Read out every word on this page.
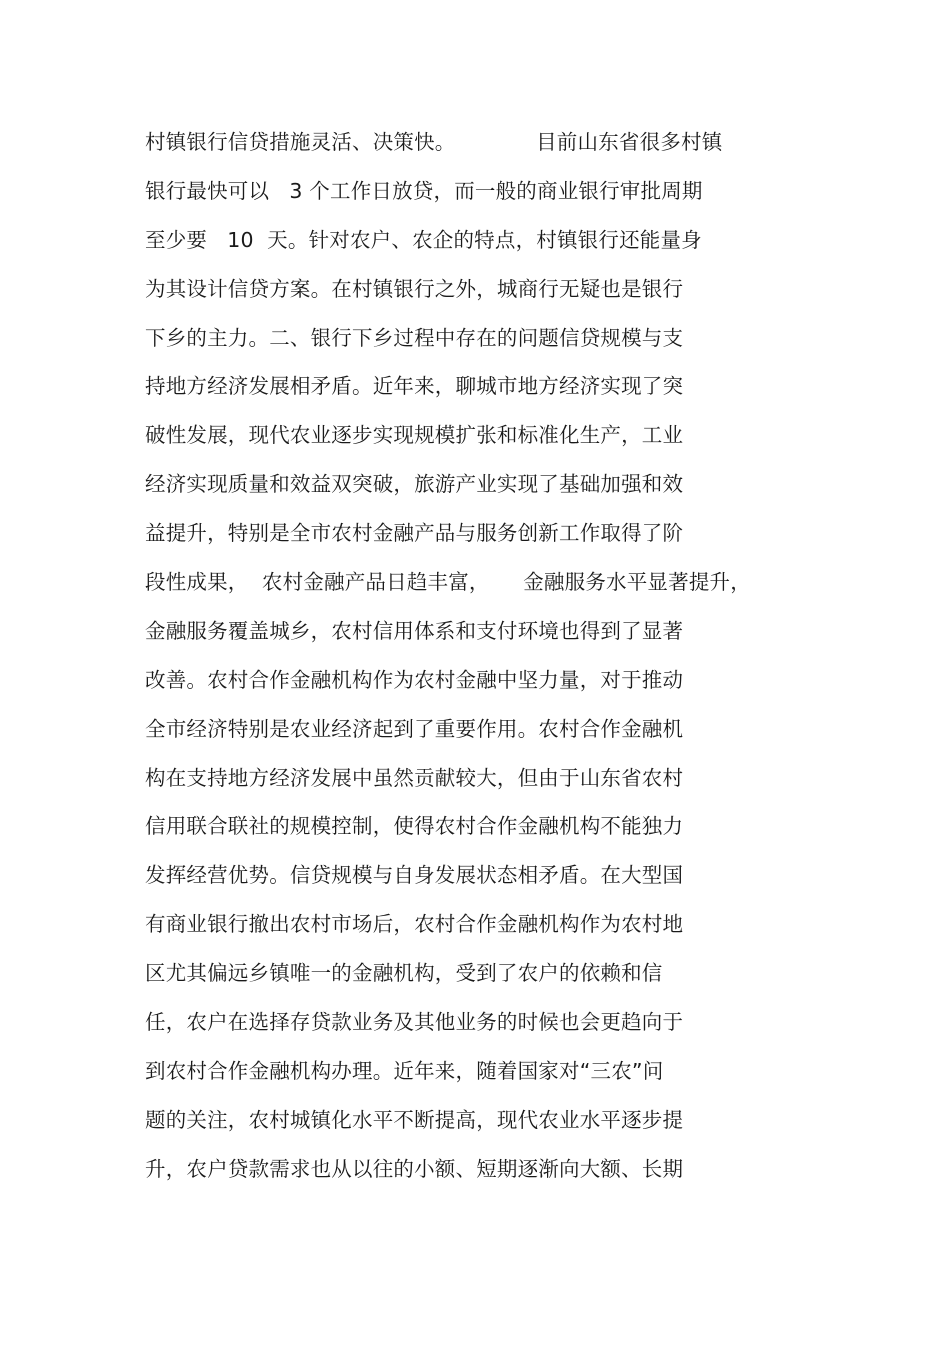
村镇银行信贷措施灵活、决策快。            目前山东省很多村镇
银行最快可以   3 个工作日放贷，而一般的商业银行审批周期
至少要   10  天。针对农户、农企的特点，村镇银行还能量身
为其设计信贷方案。在村镇银行之外，城商行无疑也是银行
下乡的主力。二、银行下乡过程中存在的问题信贷规模与支
持地方经济发展相矛盾。近年来，聊城市地方经济实现了突
破性发展，现代农业逐步实现规模扩张和标准化生产，工业
经济实现质量和效益双突破，旅游产业实现了基础加强和效
益提升，特别是全市农村金融产品与服务创新工作取得了阶
段性成果，  农村金融产品日趋丰富，     金融服务水平显著提升，
金融服务覆盖城乡，农村信用体系和支付环境也得到了显著
改善。农村合作金融机构作为农村金融中坚力量，对于推动
全市经济特别是农业经济起到了重要作用。农村合作金融机
构在支持地方经济发展中虽然贡献较大，但由于山东省农村
信用联合联社的规模控制，使得农村合作金融机构不能独力
发挥经营优势。信贷规模与自身发展状态相矛盾。在大型国
有商业银行撤出农村市场后，农村合作金融机构作为农村地
区尤其偏远乡镇唯一的金融机构，受到了农户的依赖和信
任，农户在选择存贷款业务及其他业务的时候也会更趋向于
到农村合作金融机构办理。近年来，随着国家对“三农”问
题的关注，农村城镇化水平不断提高，现代农业水平逐步提
升，农户贷款需求也从以往的小额、短期逐渐向大额、长期
